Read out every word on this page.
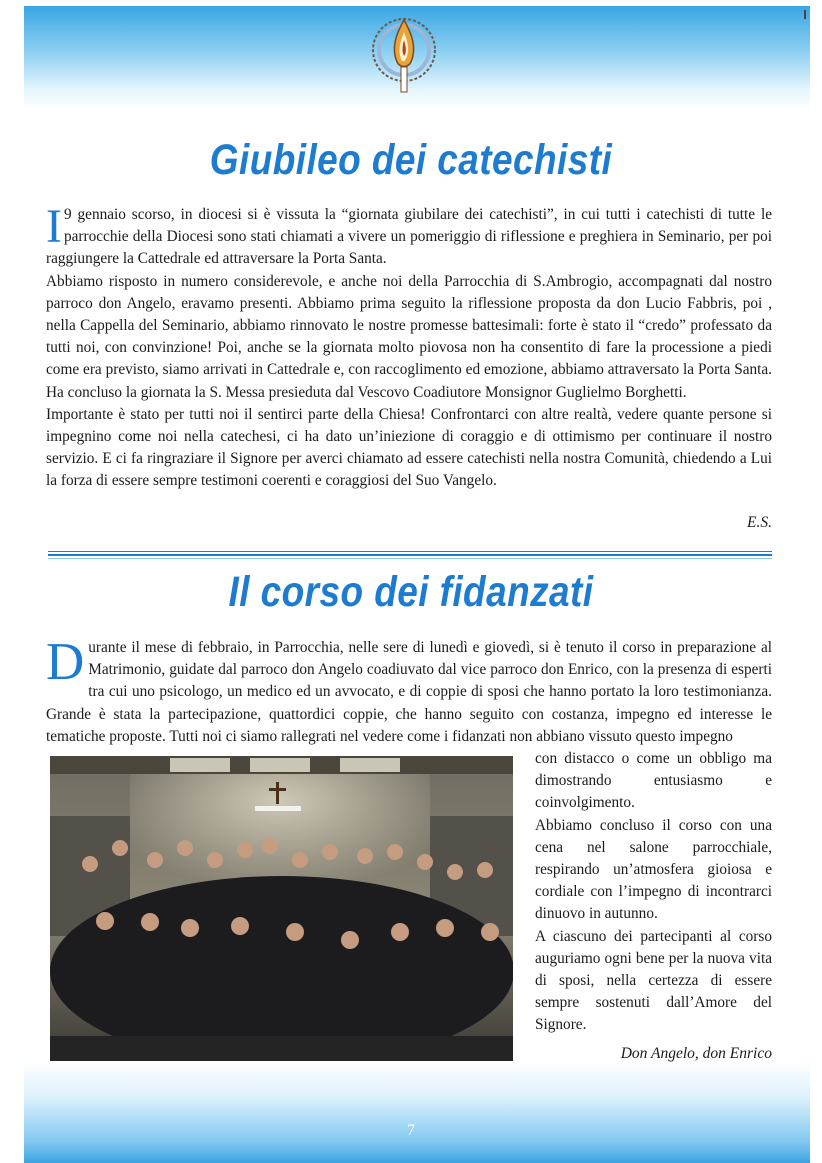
Giubileo dei catechisti

I 9 gennaio scorso, in diocesi si è vissuta la “giornata giubilare dei catechisti”, in cui tutti i catechisti di tutte le parrocchie della Diocesi sono stati chiamati a vivere un pomeriggio di riflessione e preghiera in Seminario, per poi raggiungere la Cattedrale ed attraversare la Porta Santa.

Abbiamo risposto in numero considerevole, e anche noi della Parrocchia di S.Ambrogio, accompagnati dal nostro parroco don Angelo, eravamo presenti. Abbiamo prima seguito la riflessione proposta da don Lucio Fabbris, poi , nella Cappella del Seminario, abbiamo rinnovato le nostre promesse battesimali: forte è stato il “credo” professato da tutti noi, con convinzione! Poi, anche se la giornata molto piovosa non ha consentito di fare la processione a piedi come era previsto, siamo arrivati in Cattedrale e, con raccoglimento ed emozione, abbiamo attraversato la Porta Santa. Ha concluso la giornata la S. Messa presieduta dal Vescovo Coadiutore Monsignor Guglielmo Borghetti.

Importante è stato per tutti noi il sentirci parte della Chiesa! Confrontarci con altre realtà, vedere quante persone si impegnino come noi nella catechesi, ci ha dato un’iniezione di coraggio e di ottimismo per continuare il nostro servizio. E ci fa ringraziare il Signore per averci chiamato ad essere catechisti nella nostra Comunità, chiedendo a Lui la forza di essere sempre testimoni coerenti e coraggiosi del Suo Vangelo.

E.S.
Il corso dei fidanzati

Durante il mese di febbraio, in Parrocchia, nelle sere di lunedì e giovedì, si è tenuto il corso in preparazione al Matrimonio, guidate dal parroco don Angelo coadiuvato dal vice parroco don Enrico, con la presenza di esperti tra cui uno psicologo, un medico ed un avvocato, e di coppie di sposi che hanno portato la loro testimonianza. Grande è stata la partecipazione, quattordici coppie, che hanno seguito con costanza, impegno ed interesse le tematiche proposte. Tutti noi ci siamo rallegrati nel vedere come i fidanzati non abbiano vissuto questo impegno

con distacco o come un obbligo ma dimostrando entusiasmo e coinvolgimento.

Abbiamo concluso il corso con una cena nel salone parrocchiale, respirando un’atmosfera gioiosa e cordiale con l’impegno di incontrarci dinuovo in autunno.

A ciascuno dei partecipanti al corso auguriamo ogni bene per la nuova vita di sposi, nella certezza di essere sempre sostenuti dall’Amore del Signore.

Don Angelo, don Enrico
7
